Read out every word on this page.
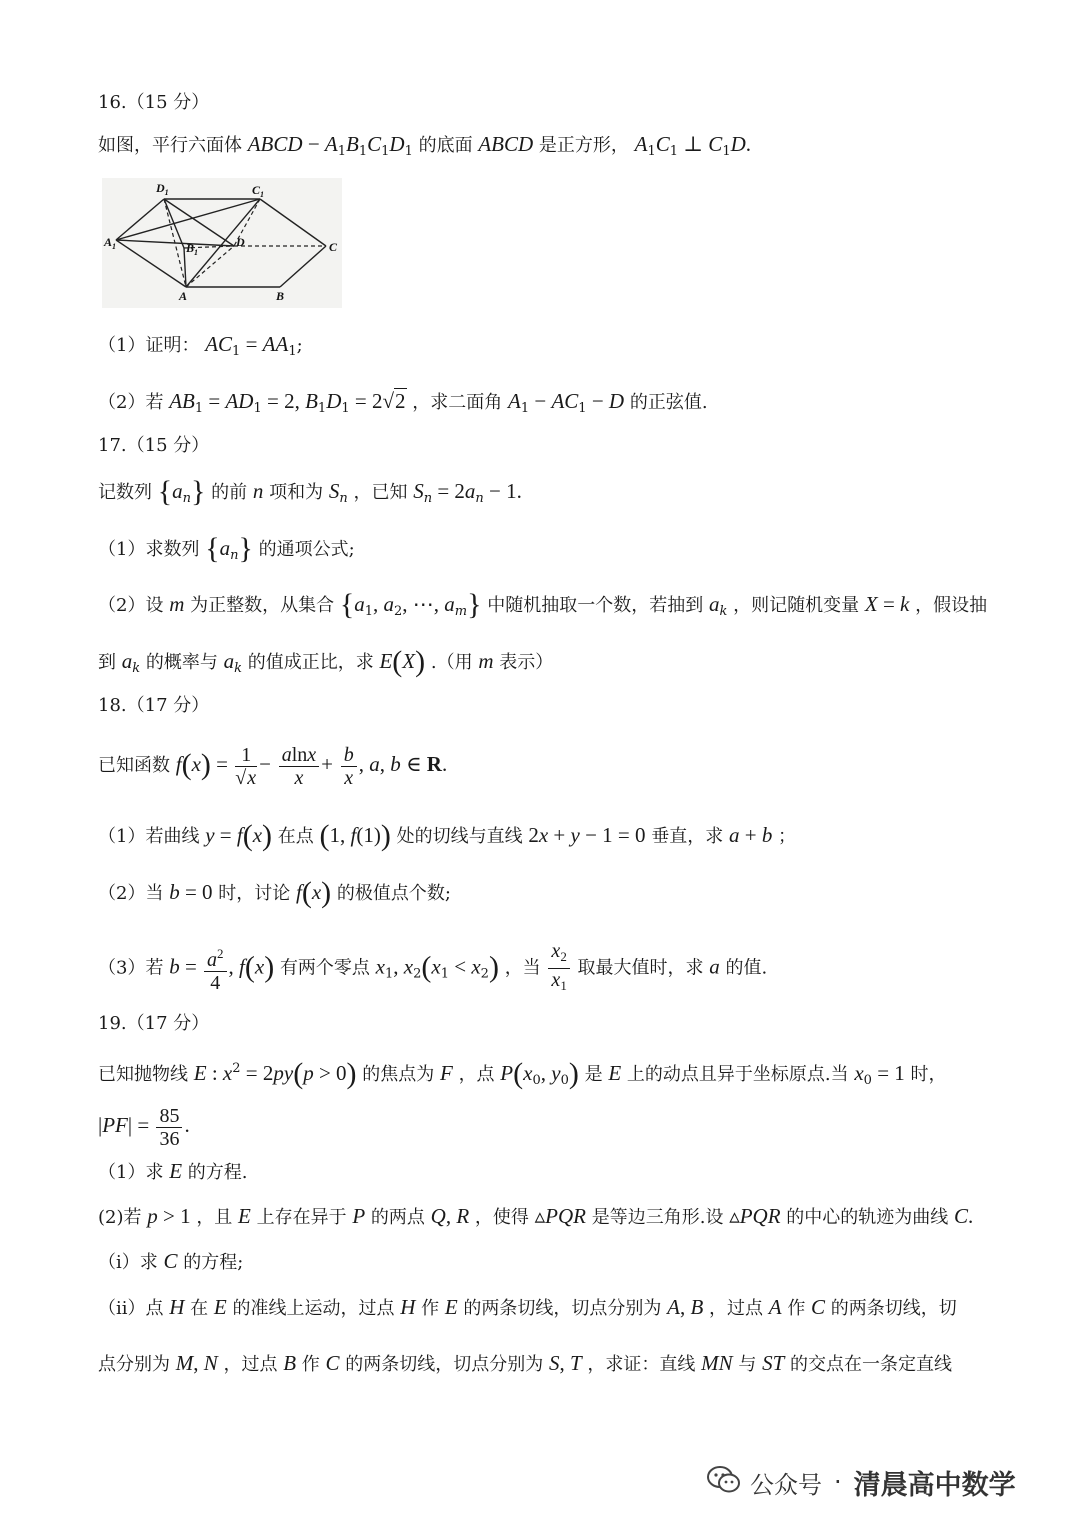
16.（15 分）
如图，平行六面体 ABCD − $A_1B_1C_1D_1$ 的底面 ABCD 是正方形， $A_1C_1$ ⊥ $C_1D$.
$D_1$	$C_1$
$A_1$	$B_1$
D	C
A	B
（1）证明： $AC_1 = AA_1$;
（2）若 $AB_1 = AD_1 = 2$, $B_1D_1 = 2√2$ ，求二面角 $A_1 - AC_1 - D$ 的正弦值.
17.（15 分）
记数列 $\{a_n\}$ 的前 n 项和为 $S_n$ ，已知 $S_n = 2a_n - 1$.
（1）求数列 $\{a_n\}$ 的通项公式;
（2）设 m 为正整数，从集合 {$a_1$, $a_2$, ⋯, $a_m$} 中随机抽取一个数，若抽到 $a_k$ ，则记随机变量 X = k ，假设抽
到 $a_k$ 的概率与 $a_k$ 的值成正比，求 E(X) .（用 m 表示）
18.（17 分）
已知函数 $f(x) = \frac{1}{√x} - \frac{alnx}{x} + \frac{b}{x}$ , a, b ∈ R.
（1）若曲线 y = f(x) 在点 (1, f(1)) 处的切线与直线 2x + y − 1 = 0 垂直，求 a + b ；
（2）当 b = 0 时，讨论 f(x) 的极值点个数;
（3）若 $b = \frac{a^2}{4}$ , f(x) 有两个零点 $x_1$, $x_2(x_1 < x_2)$ ，当 $\frac{x_2}{x_1}$ 取最大值时，求 a 的值.
19.（17 分）
已知抛物线 E : $x^2 = 2py(p > 0)$ 的焦点为 F ，点 $P(x_0$, $y_0$) 是 E 上的动点且异于坐标原点.当 $x_0 = 1$ 时，
$|PF| = \frac{85}{36}$ .
（1）求 E 的方程.
(2)若 p > 1 ，且 E 上存在异于 P 的两点 Q, R ，使得 ▵PQR 是等边三角形.设 ▵PQR 的中心的轨迹为曲线 C.
（i）求 C 的方程;
（ii）点 H 在 E 的准线上运动，过点 H 作 E 的两条切线，切点分别为 A, B ，过点 A 作 C 的两条切线，切
点分别为 M, N ，过点 B 作 C 的两条切线，切点分别为 S, T ，求证：直线 MN 与 ST 的交点在一条定直线
公众号 · 清晨高中数学
